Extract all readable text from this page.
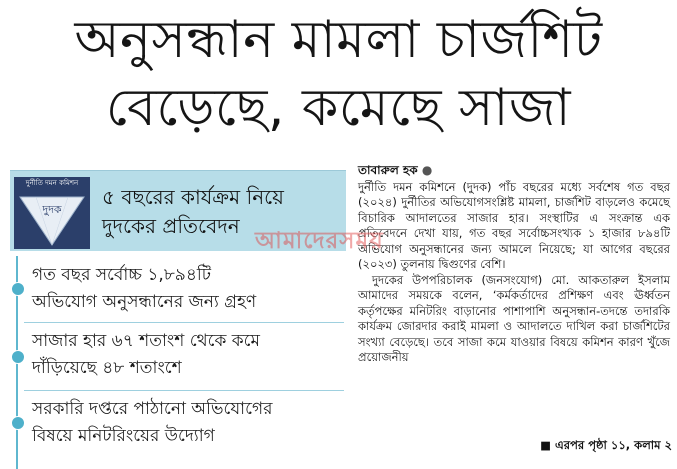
অনুসন্ধান মামলা চার্জশিট
বেড়েছে, কমেছে সাজা
দুর্নীতি দমন কমিশন
দুদক
৫ বছরের কার্যক্রম নিয়ে
দুদকের প্রতিবেদন
গত বছর সর্বোচ্চ ১,৮৯৪টি
অভিযোগ অনুসন্ধানের জন্য গ্রহণ
সাজার হার ৬৭ শতাংশ থেকে কমে
দাঁড়িয়েছে ৪৮ শতাংশে
সরকারি দপ্তরে পাঠানো অভিযোগের
বিষয়ে মনিটরিংয়ের উদ্যোগ
তাবারুল হক ●

দুর্নীতি দমন কমিশনে (দুদক) পাঁচ বছরের মধ্যে সর্বশেষ গত বছর (২০২৪) দুর্নীতির অভিযোগসংশ্লিষ্ট মামলা, চার্জশিট বাড়লেও কমেছে বিচারিক আদালতের সাজার হার। সংস্থাটির এ সংক্রান্ত এক প্রতিবেদনে দেখা যায়, গত বছর সর্বোচ্চসংখ্যক ১ হাজার ৮৯৪টি অভিযোগ অনুসন্ধানের জন্য আমলে নিয়েছে; যা আগের বছরের (২০২৩) তুলনায় দ্বিগুণের বেশি।

দুদকের উপপরিচালক (জনসংযোগ) মো. আকতারুল ইসলাম আমাদের সময়কে বলেন, ‘কর্মকর্তাদের প্রশিক্ষণ এবং ঊর্ধ্বতন কর্তৃপক্ষের মনিটরিং বাড়ানোর পাশাপাশি অনুসন্ধান-তদন্তে তদারকি কার্যক্রম জোরদার করাই মামলা ও আদালতে দাখিল করা চার্জশিটের সংখ্যা বেড়েছে। তবে সাজা কমে যাওয়ার বিষয়ে কমিশন কারণ খুঁজে প্রয়োজনীয়

■ এরপর পৃষ্ঠা ১১, কলাম ২
আমাদেরসময়
